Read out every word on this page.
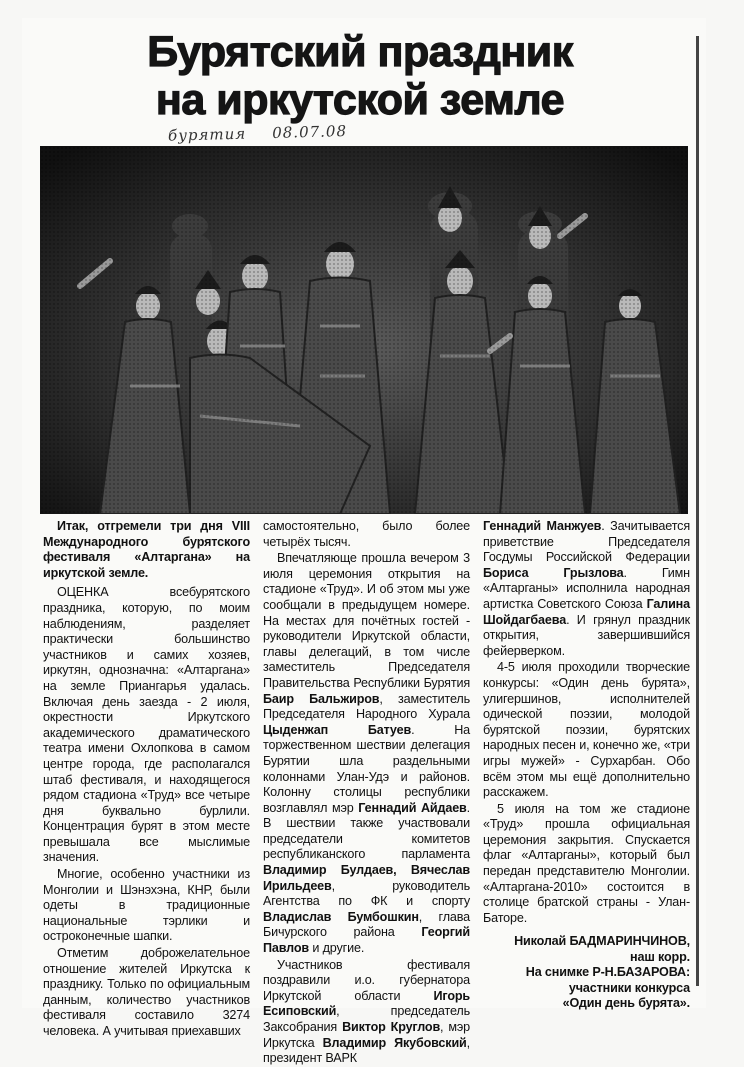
Бурятский праздник
на иркутской земле
бурятия 08.07.08

Итак, отгремели три дня VIII Международного бурятского фестиваля «Алтаргана» на иркутской земле.

ОЦЕНКА всебурятского праздника, которую, по моим наблюдениям, разделяет практически большинство участников и самих хозяев, иркутян, однозначна: «Алтаргана» на земле Приангарья удалась. Включая день заезда - 2 июля, окрестности Иркутского академического драматического театра имени Охлопкова в самом центре города, где располагался штаб фестиваля, и находящегося рядом стадиона «Труд» все четыре дня буквально бурлили. Концентрация бурят в этом месте превышала все мыслимые значения.

Многие, особенно участники из Монголии и Шэнэхэна, КНР, были одеты в традиционные национальные тэрлики и остроконечные шапки.

Отметим доброжелательное отношение жителей Иркутска к празднику. Только по официальным данным, количество участников фестиваля составило 3274 человека. А учитывая приехавших

самостоятельно, было более четырёх тысяч.

Впечатляюще прошла вечером 3 июля церемония открытия на стадионе «Труд». И об этом мы уже сообщали в предыдущем номере. На местах для почётных гостей - руководители Иркутской области, главы делегаций, в том числе заместитель Председателя Правительства Республики Бурятия Баир Бальжиров, заместитель Председателя Народного Хурала Цыденжап Батуев. На торжественном шествии делегация Бурятии шла раздельными колоннами Улан-Удэ и районов. Колонну столицы республики возглавлял мэр Геннадий Айдаев. В шествии также участвовали председатели комитетов республиканского парламента Владимир Булдаев, Вячеслав Ирильдеев, руководитель Агентства по ФК и спорту Владислав Бумбошкин, глава Бичурского района Георгий Павлов и другие.

Участников фестиваля поздравили и.о. губернатора Иркутской области Игорь Есиповский, председатель Заксобрания Виктор Круглов, мэр Иркутска Владимир Якубовский, президент ВАРК

Геннадий Манжуев. Зачитывается приветствие Председателя Госдумы Российской Федерации Бориса Грызлова. Гимн «Алтарганы» исполнила народная артистка Советского Союза Галина Шойдагбаева. И грянул праздник открытия, завершившийся фейерверком.

4-5 июля проходили творческие конкурсы: «Один день бурята», улигершинов, исполнителей одической поэзии, молодой бурятской поэзии, бурятских народных песен и, конечно же, «три игры мужей» - Сурхарбан. Обо всём этом мы ещё дополнительно расскажем.

5 июля на том же стадионе «Труд» прошла официальная церемония закрытия. Спускается флаг «Алтарганы», который был передан представителю Монголии. «Алтаргана-2010» состоится в столице братской страны - Улан-Баторе.

Николай БАДМАРИНЧИНОВ,
наш корр.
На снимке Р-Н.БАЗАРОВА:
участники конкурса
«Один день бурята».
